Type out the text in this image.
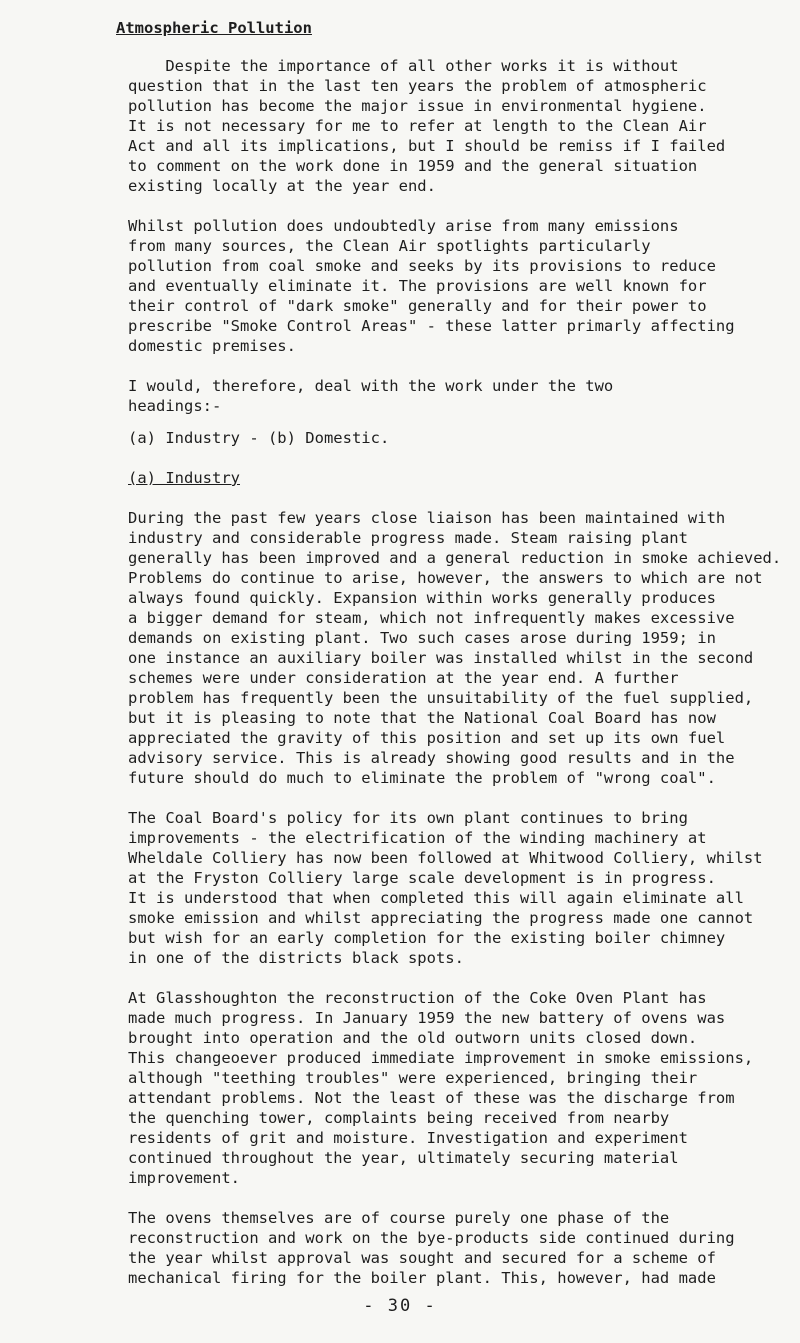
Atmospheric Pollution

Despite the importance of all other works it is without
question that in the last ten years the problem of atmospheric
pollution has become the major issue in environmental hygiene.
It is not necessary for me to refer at length to the Clean Air
Act and all its implications, but I should be remiss if I failed
to comment on the work done in 1959 and the general situation
existing locally at the year end.

Whilst pollution does undoubtedly arise from many emissions
from many sources, the Clean Air spotlights particularly
pollution from coal smoke and seeks by its provisions to reduce
and eventually eliminate it. The provisions are well known for
their control of "dark smoke" generally and for their power to
prescribe "Smoke Control Areas" - these latter primarly affecting
domestic premises.

I would, therefore, deal with the work under the two
headings:-

(a) Industry - (b) Domestic.

(a) Industry

During the past few years close liaison has been maintained with
industry and considerable progress made. Steam raising plant
generally has been improved and a general reduction in smoke achieved.
Problems do continue to arise, however, the answers to which are not
always found quickly. Expansion within works generally produces
a bigger demand for steam, which not infrequently makes excessive
demands on existing plant. Two such cases arose during 1959; in
one instance an auxiliary boiler was installed whilst in the second
schemes were under consideration at the year end. A further
problem has frequently been the unsuitability of the fuel supplied,
but it is pleasing to note that the National Coal Board has now
appreciated the gravity of this position and set up its own fuel
advisory service. This is already showing good results and in the
future should do much to eliminate the problem of "wrong coal".

The Coal Board's policy for its own plant continues to bring
improvements - the electrification of the winding machinery at
Wheldale Colliery has now been followed at Whitwood Colliery, whilst
at the Fryston Colliery large scale development is in progress.
It is understood that when completed this will again eliminate all
smoke emission and whilst appreciating the progress made one cannot
but wish for an early completion for the existing boiler chimney
in one of the districts black spots.

At Glasshoughton the reconstruction of the Coke Oven Plant has
made much progress. In January 1959 the new battery of ovens was
brought into operation and the old outworn units closed down.
This changeoever produced immediate improvement in smoke emissions,
although "teething troubles" were experienced, bringing their
attendant problems. Not the least of these was the discharge from
the quenching tower, complaints being received from nearby
residents of grit and moisture. Investigation and experiment
continued throughout the year, ultimately securing material
improvement.

The ovens themselves are of course purely one phase of the
reconstruction and work on the bye-products side continued during
the year whilst approval was sought and secured for a scheme of
mechanical firing for the boiler plant. This, however, had made

- 30 -
